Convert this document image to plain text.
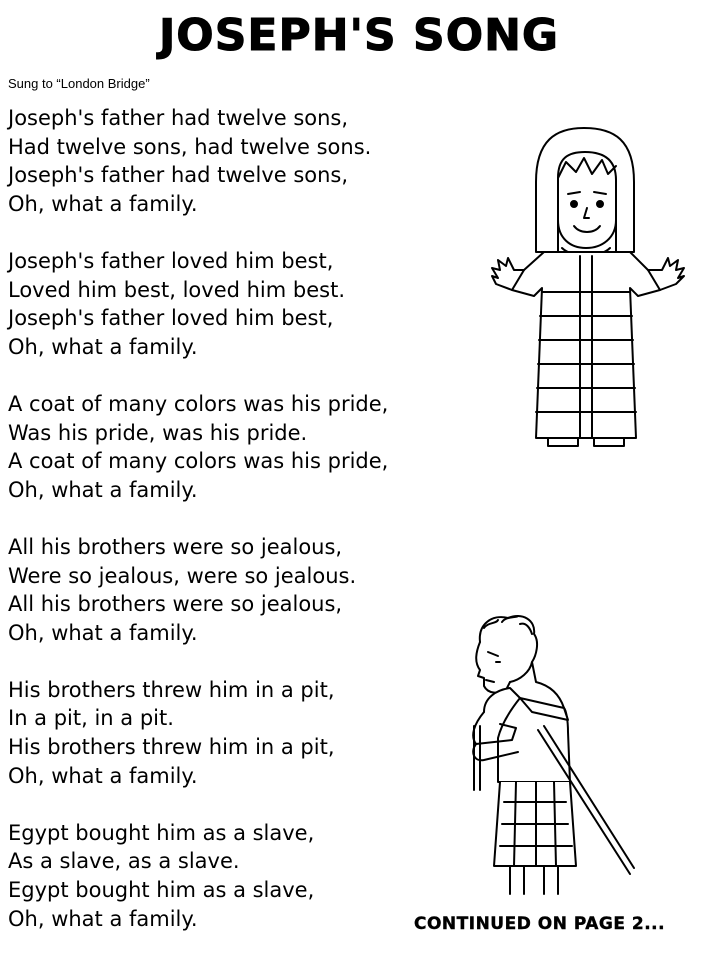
JOSEPH'S SONG

Sung to “London Bridge”

Joseph's father had twelve sons,
Had twelve sons, had twelve sons.
Joseph's father had twelve sons,
Oh, what a family.
Joseph's father loved him best,
Loved him best, loved him best.
Joseph's father loved him best,
Oh, what a family.
A coat of many colors was his pride,
Was his pride, was his pride.
A coat of many colors was his pride,
Oh, what a family.
All his brothers were so jealous,
Were so jealous, were so jealous.
All his brothers were so jealous,
Oh, what a family.
His brothers threw him in a pit,
In a pit, in a pit.
His brothers threw him in a pit,
Oh, what a family.
Egypt bought him as a slave,
As a slave, as a slave.
Egypt bought him as a slave,
Oh, what a family.	CONTINUED ON PAGE 2...
